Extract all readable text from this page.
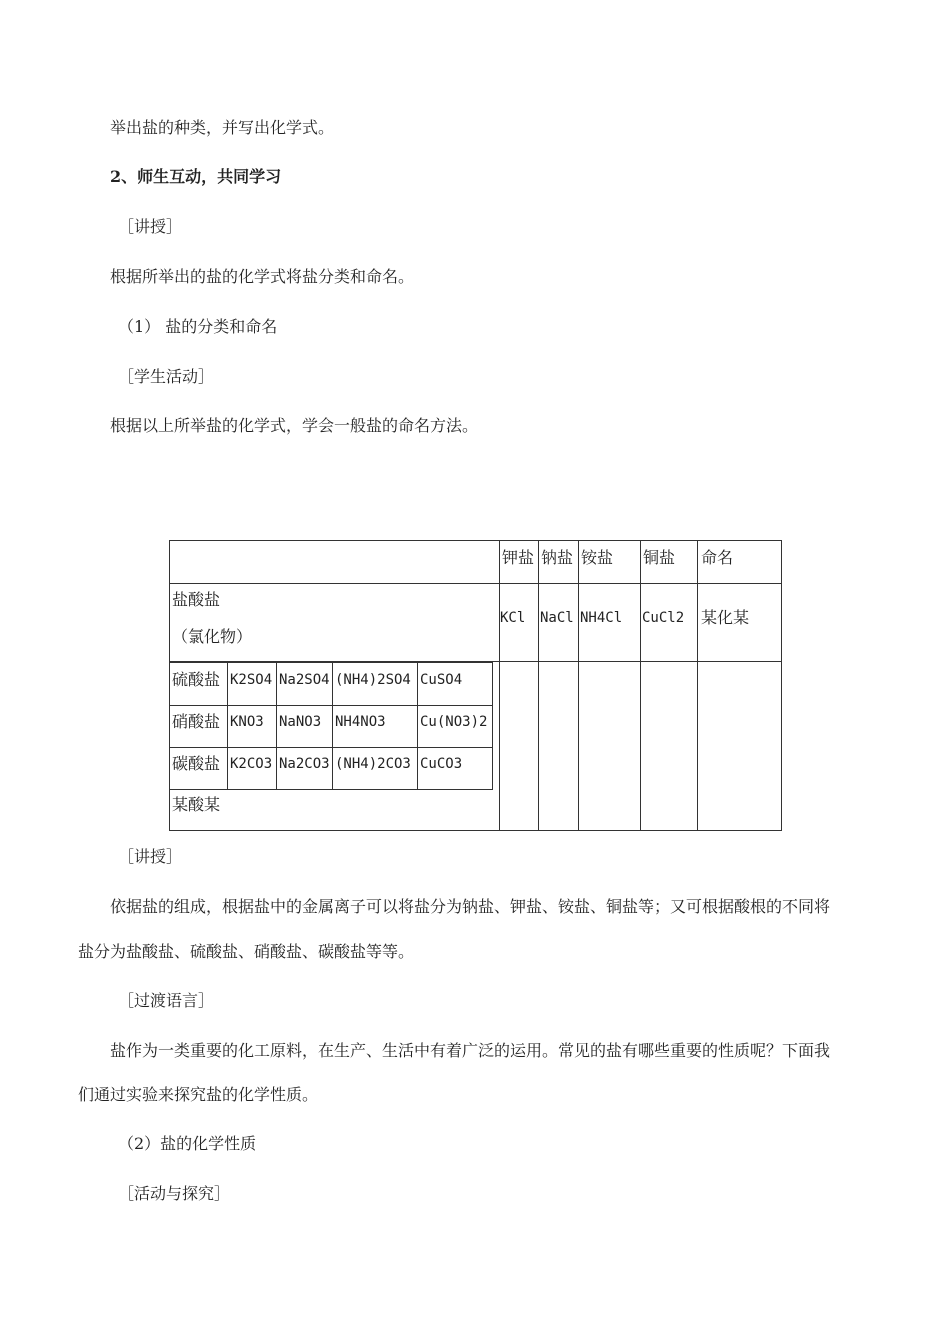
举出盐的种类，并写出化学式。
2、师生互动，共同学习
［讲授］
根据所举出的盐的化学式将盐分类和命名。
（1） 盐的分类和命名
［学生活动］
根据以上所举盐的化学式，学会一般盐的命名方法。
钾盐 钠盐 铵盐 铜盐 命名
盐酸盐
（氯化物）
KCl NaCl NH4Cl CuCl2 某化某
硫酸盐 K2SO4 Na2SO4 (NH4)2SO4 CuSO4
硝酸盐 KNO3 NaNO3 NH4NO3 Cu(NO3)2
碳酸盐 K2CO3 Na2CO3 (NH4)2CO3 CuCO3
某酸某
［讲授］
依据盐的组成，根据盐中的金属离子可以将盐分为钠盐、钾盐、铵盐、铜盐等；又可根据酸根的不同将
盐分为盐酸盐、硫酸盐、硝酸盐、碳酸盐等等。
［过渡语言］
盐作为一类重要的化工原料，在生产、生活中有着广泛的运用。常见的盐有哪些重要的性质呢？下面我
们通过实验来探究盐的化学性质。
（2）盐的化学性质
［活动与探究］
